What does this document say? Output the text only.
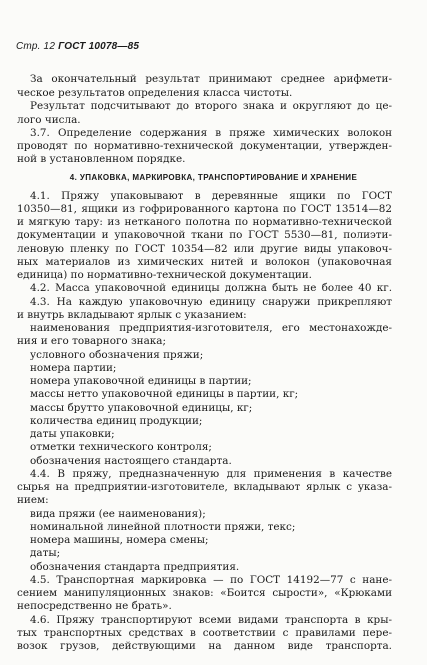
Стр. 12 ГОСТ 10078—85
За окончательный результат принимают среднее арифмети-
ческое результатов определения класса чистоты.
Результат подсчитывают до второго знака и округляют до це-
лого числа.
3.7. Определение содержания в пряже химических волокон
проводят по нормативно-технической документации, утвержден-
ной в установленном порядке.
4. УПАКОВКА, МАРКИРОВКА, ТРАНСПОРТИРОВАНИЕ И ХРАНЕНИЕ
4.1. Пряжу упаковывают в деревянные ящики по ГОСТ
10350—81, ящики из гофрированного картона по ГОСТ 13514—82
и мягкую тару: из нетканого полотна по нормативно-технической
документации и упаковочной ткани по ГОСТ 5530—81, полиэти-
леновую пленку по ГОСТ 10354—82 или другие виды упаковоч-
ных материалов из химических нитей и волокон (упаковочная
единица) по нормативно-технической документации.
4.2. Масса упаковочной единицы должна быть не более 40 кг.
4.3. На каждую упаковочную единицу снаружи прикрепляют
и внутрь вкладывают ярлык с указанием:
наименования предприятия-изготовителя, его местонахожде-
ния и его товарного знака;
условного обозначения пряжи;
номера партии;
номера упаковочной единицы в партии;
массы нетто упаковочной единицы в партии, кг;
массы брутто упаковочной единицы, кг;
количества единиц продукции;
даты упаковки;
отметки технического контроля;
обозначения настоящего стандарта.
4.4. В пряжу, предназначенную для применения в качестве
сырья на предприятии-изготовителе, вкладывают ярлык с указа-
нием:
вида пряжи (ее наименования);
номинальной линейной плотности пряжи, текс;
номера машины, номера смены;
даты;
обозначения стандарта предприятия.
4.5. Транспортная маркировка — по ГОСТ 14192—77 с нане-
сением манипуляционных знаков: «Боится сырости», «Крюками
непосредственно не брать».
4.6. Пряжу транспортируют всеми видами транспорта в кры-
тых транспортных средствах в соответствии с правилами пере-
возок грузов, действующими на данном виде транспорта.
